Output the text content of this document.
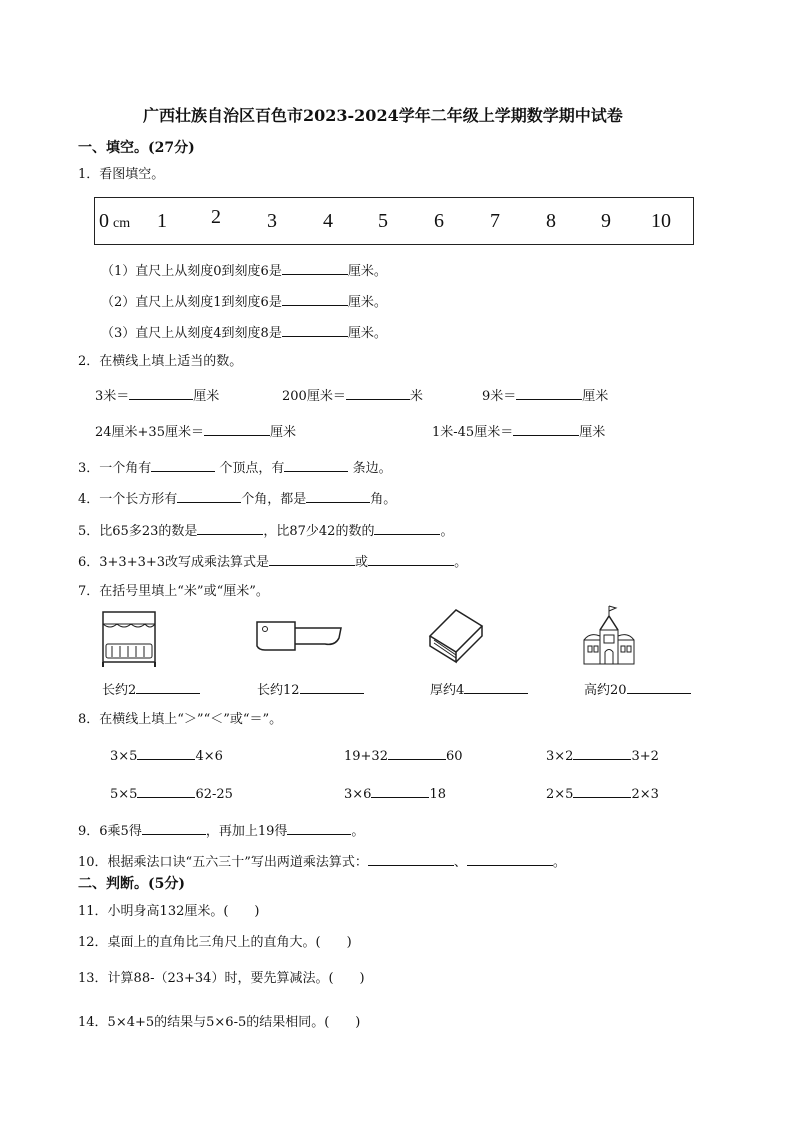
广西壮族自治区百色市2023-2024学年二年级上学期数学期中试卷
一、填空。(27分)
1．看图填空。
0 cm 1 2 3 4 5 6 7 8 9 10
（1）直尺上从刻度0到刻度6是	厘米。
（2）直尺上从刻度1到刻度6是	厘米。
（3）直尺上从刻度4到刻度8是	厘米。
2．在横线上填上适当的数。
3米＝	厘米	200厘米＝	米	9米＝	厘米
24厘米+35厘米＝	厘米	1米-45厘米＝	厘米
3．一个角有	个顶点，有	条边。
4．一个长方形有	个角，都是	角。
5．比65多23的数是	，比87少42的数的	。
6．3+3+3+3改写成乘法算式是	或	。
7．在括号里填上“米”或“厘米”。
长约2	长约12	厚约4	高约20
8．在横线上填上“＞”“＜”或“＝”。
3×5	4×6	19+32	60	3×2	3+2
5×5	62-25	3×6	18	2×5	2×3
9．6乘5得	，再加上19得	。
10．根据乘法口诀“五六三十”写出两道乘法算式：	、	。
二、判断。(5分)
11．小明身高132厘米。(　　)
12．桌面上的直角比三角尺上的直角大。(　　)
13．计算88-（23+34）时，要先算减法。(　　)
14．5×4+5的结果与5×6-5的结果相同。(　　)
